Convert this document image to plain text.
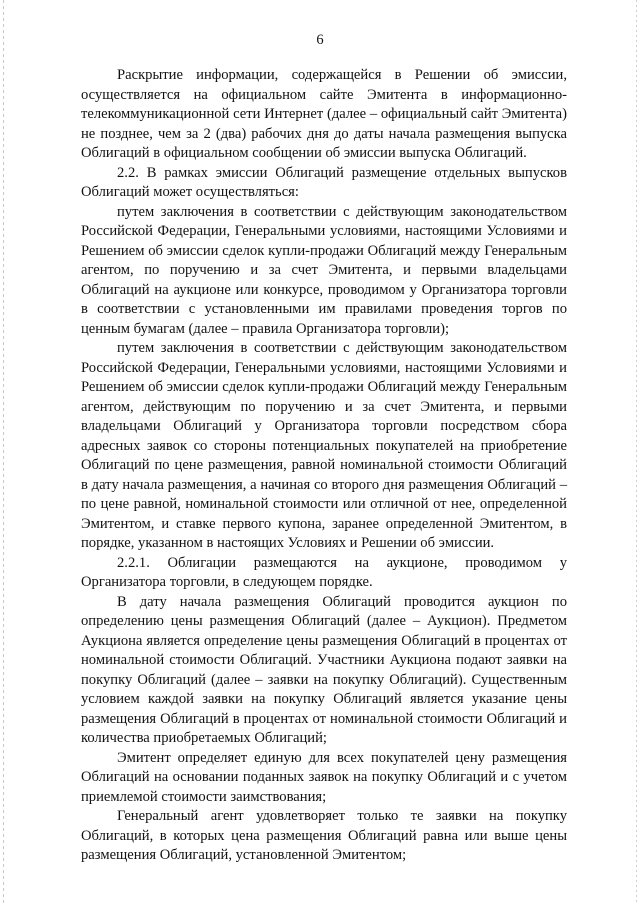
6

Раскрытие информации, содержащейся в Решении об эмиссии, осуществляется на официальном сайте Эмитента в информационно-телекоммуникационной сети Интернет (далее – официальный сайт Эмитента) не позднее, чем за 2 (два) рабочих дня до даты начала размещения выпуска Облигаций в официальном сообщении об эмиссии выпуска Облигаций.

2.2. В рамках эмиссии Облигаций размещение отдельных выпусков Облигаций может осуществляться:

путем заключения в соответствии с действующим законодательством Российской Федерации, Генеральными условиями, настоящими Условиями и Решением об эмиссии сделок купли-продажи Облигаций между Генеральным агентом, по поручению и за счет Эмитента, и первыми владельцами Облигаций на аукционе или конкурсе, проводимом у Организатора торговли в соответствии с установленными им правилами проведения торгов по ценным бумагам (далее – правила Организатора торговли);

путем заключения в соответствии с действующим законодательством Российской Федерации, Генеральными условиями, настоящими Условиями и Решением об эмиссии сделок купли-продажи Облигаций между Генеральным агентом, действующим по поручению и за счет Эмитента, и первыми владельцами Облигаций у Организатора торговли посредством сбора адресных заявок со стороны потенциальных покупателей на приобретение Облигаций по цене размещения, равной номинальной стоимости Облигаций в дату начала размещения, а начиная со второго дня размещения Облигаций – по цене равной, номинальной стоимости или отличной от нее, определенной Эмитентом, и ставке первого купона, заранее определенной Эмитентом, в порядке, указанном в настоящих Условиях и Решении об эмиссии.

2.2.1. Облигации размещаются на аукционе, проводимом у Организатора торговли, в следующем порядке.

В дату начала размещения Облигаций проводится аукцион по определению цены размещения Облигаций (далее – Аукцион). Предметом Аукциона является определение цены размещения Облигаций в процентах от номинальной стоимости Облигаций. Участники Аукциона подают заявки на покупку Облигаций (далее – заявки на покупку Облигаций). Существенным условием каждой заявки на покупку Облигаций является указание цены размещения Облигаций в процентах от номинальной стоимости Облигаций и количества приобретаемых Облигаций;

Эмитент определяет единую для всех покупателей цену размещения Облигаций на основании поданных заявок на покупку Облигаций и с учетом приемлемой стоимости заимствования;

Генеральный агент удовлетворяет только те заявки на покупку Облигаций, в которых цена размещения Облигаций равна или выше цены размещения Облигаций, установленной Эмитентом;
